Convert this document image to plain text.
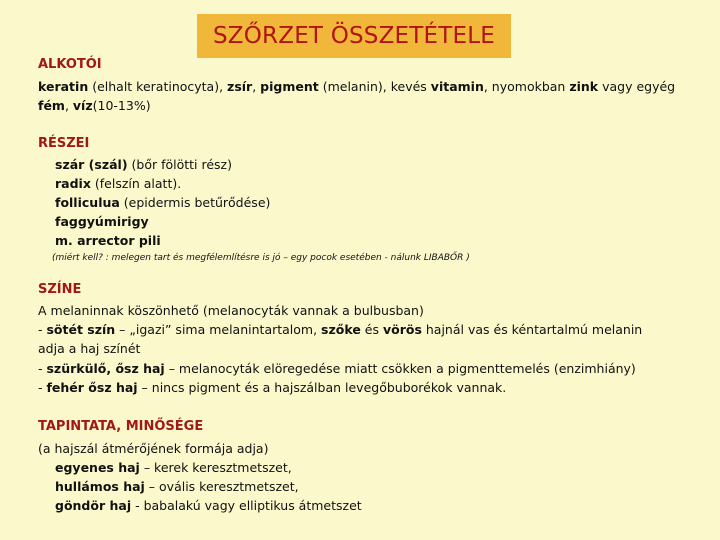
SZŐRZET ÖSSZETÉTELE
ALKOTÓI
keratin (elhalt keratinocyta), zsír, pigment (melanin), kevés vitamin, nyomokban zink vagy egyég
fém, víz(10-13%)
RÉSZEI
szár (szál) (bőr fölötti rész)
radix (felszín alatt).
folliculua (epidermis betűrődése)
faggyúmirigy
m. arrector pili
(miért kell? : melegen tart és megfélemlítésre is jó – egy pocok esetében - nálunk LIBABŐR )
SZÍNE
A melaninnak köszönhető (melanocyták vannak a bulbusban)
- sötét szín – „igazi” sima melanintartalom, szőke és vörös hajnál vas és kéntartalmú melanin
adja a haj színét
- szürkülő, ősz haj – melanocyták elöregedése miatt csökken a pigmenttemelés (enzimhiány)
- fehér ősz haj – nincs pigment és a hajszálban levegőbuborékok vannak.
TAPINTATA, MINŐSÉGE
(a hajszál átmérőjének formája adja)
egyenes haj – kerek keresztmetszet,
hullámos haj – ovális keresztmetszet,
göndör haj - babalakú vagy elliptikus átmetszet
